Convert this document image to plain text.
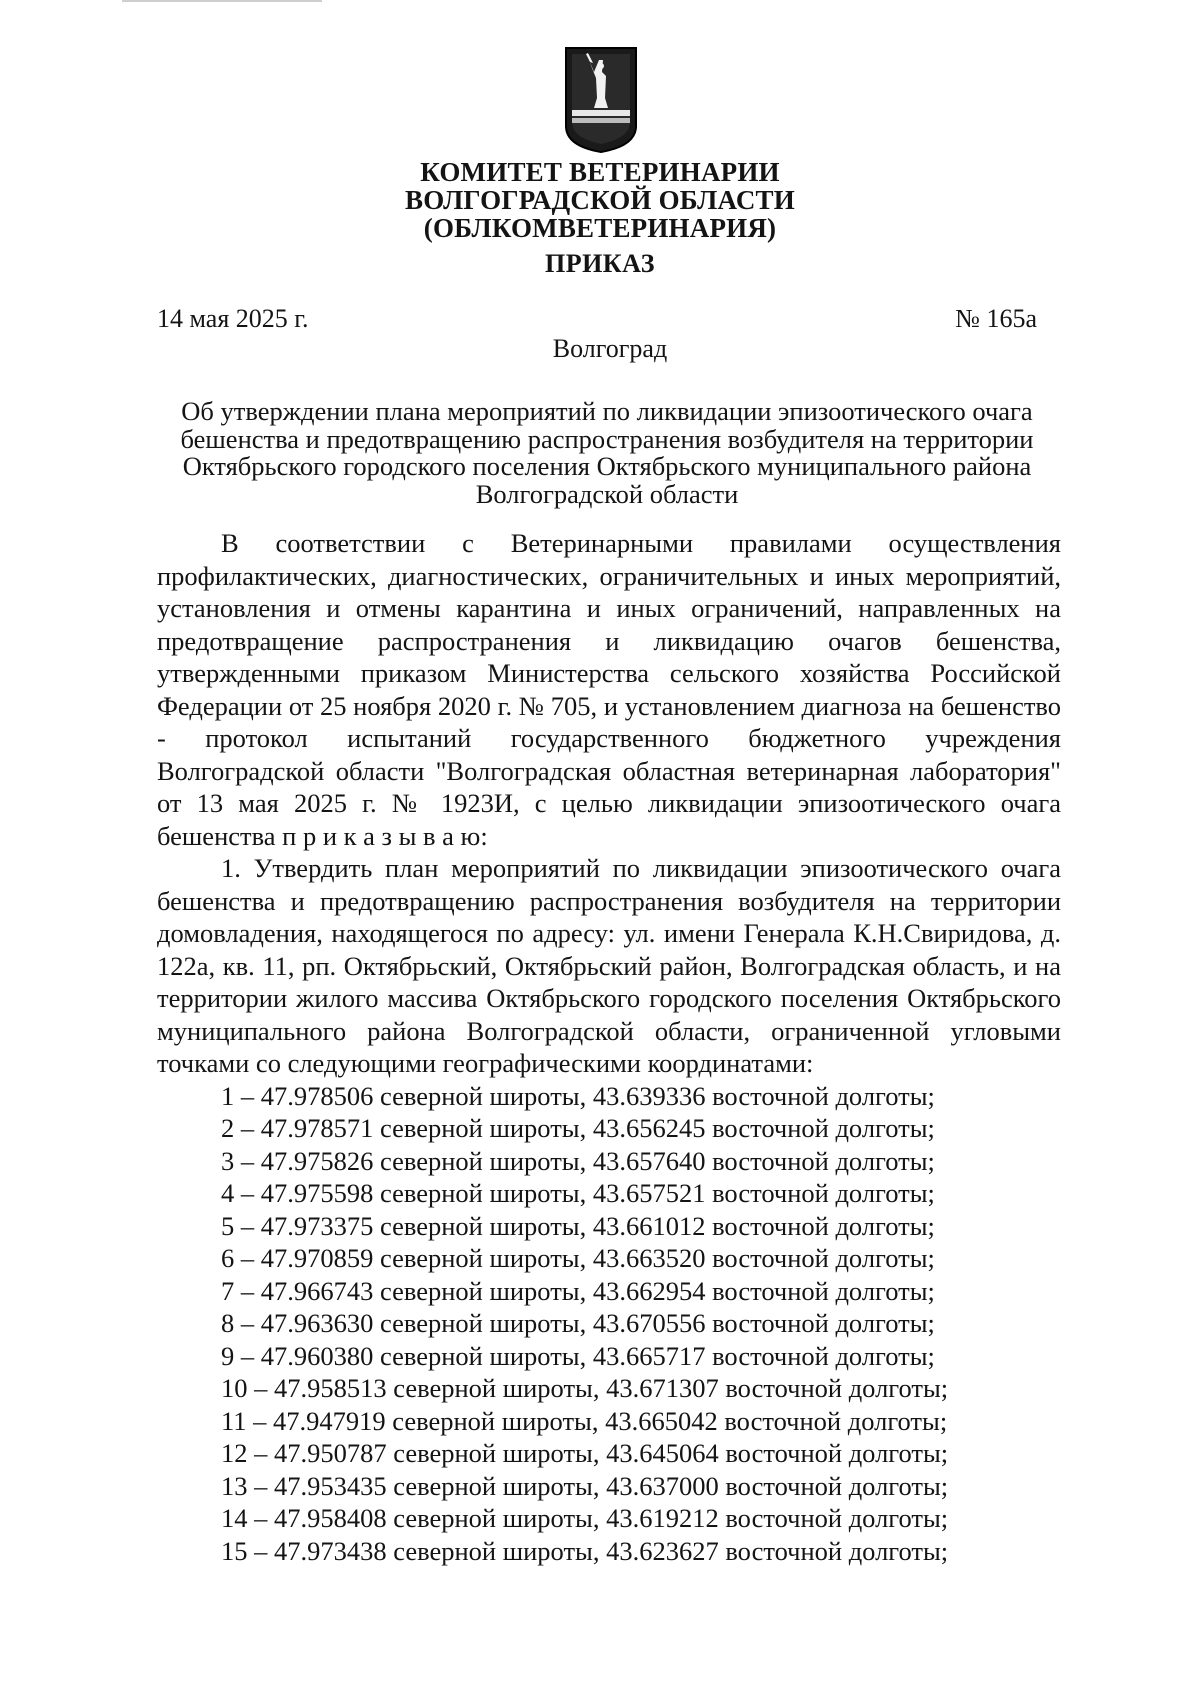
КОМИТЕТ ВЕТЕРИНАРИИ
ВОЛГОГРАДСКОЙ ОБЛАСТИ
(ОБЛКОМВЕТЕРИНАРИЯ)
ПРИКАЗ
14 мая 2025 г.	№ 165а
Волгоград
Об утверждении плана мероприятий по ликвидации эпизоотического очага
бешенства и предотвращению распространения возбудителя на территории
Октябрьского городского поселения Октябрьского муниципального района
Волгоградской области

В соответствии с Ветеринарными правилами осуществления профилактических, диагностических, ограничительных и иных мероприятий, установления и отмены карантина и иных ограничений, направленных на предотвращение распространения и ликвидацию очагов бешенства, утвержденными приказом Министерства сельского хозяйства Российской Федерации от 25 ноября 2020 г. № 705, и установлением диагноза на бешенство - протокол испытаний государственного бюджетного учреждения Волгоградской области "Волгоградская областная ветеринарная лаборатория" от 13 мая 2025 г. № 1923И, с целью ликвидации эпизоотического очага бешенства п р и к а з ы в а ю:

1. Утвердить план мероприятий по ликвидации эпизоотического очага бешенства и предотвращению распространения возбудителя на территории домовладения, находящегося по адресу: ул. имени Генерала К.Н.Свиридова, д. 122а, кв. 11, рп. Октябрьский, Октябрьский район, Волгоградская область, и на территории жилого массива Октябрьского городского поселения Октябрьского муниципального района Волгоградской области, ограниченной угловыми точками со следующими географическими координатами:

1 – 47.978506 северной широты, 43.639336 восточной долготы;
2 – 47.978571 северной широты, 43.656245 восточной долготы;
3 – 47.975826 северной широты, 43.657640 восточной долготы;
4 – 47.975598 северной широты, 43.657521 восточной долготы;
5 – 47.973375 северной широты, 43.661012 восточной долготы;
6 – 47.970859 северной широты, 43.663520 восточной долготы;
7 – 47.966743 северной широты, 43.662954 восточной долготы;
8 – 47.963630 северной широты, 43.670556 восточной долготы;
9 – 47.960380 северной широты, 43.665717 восточной долготы;
10 – 47.958513 северной широты, 43.671307 восточной долготы;
11 – 47.947919 северной широты, 43.665042 восточной долготы;
12 – 47.950787 северной широты, 43.645064 восточной долготы;
13 – 47.953435 северной широты, 43.637000 восточной долготы;
14 – 47.958408 северной широты, 43.619212 восточной долготы;
15 – 47.973438 северной широты, 43.623627 восточной долготы;
